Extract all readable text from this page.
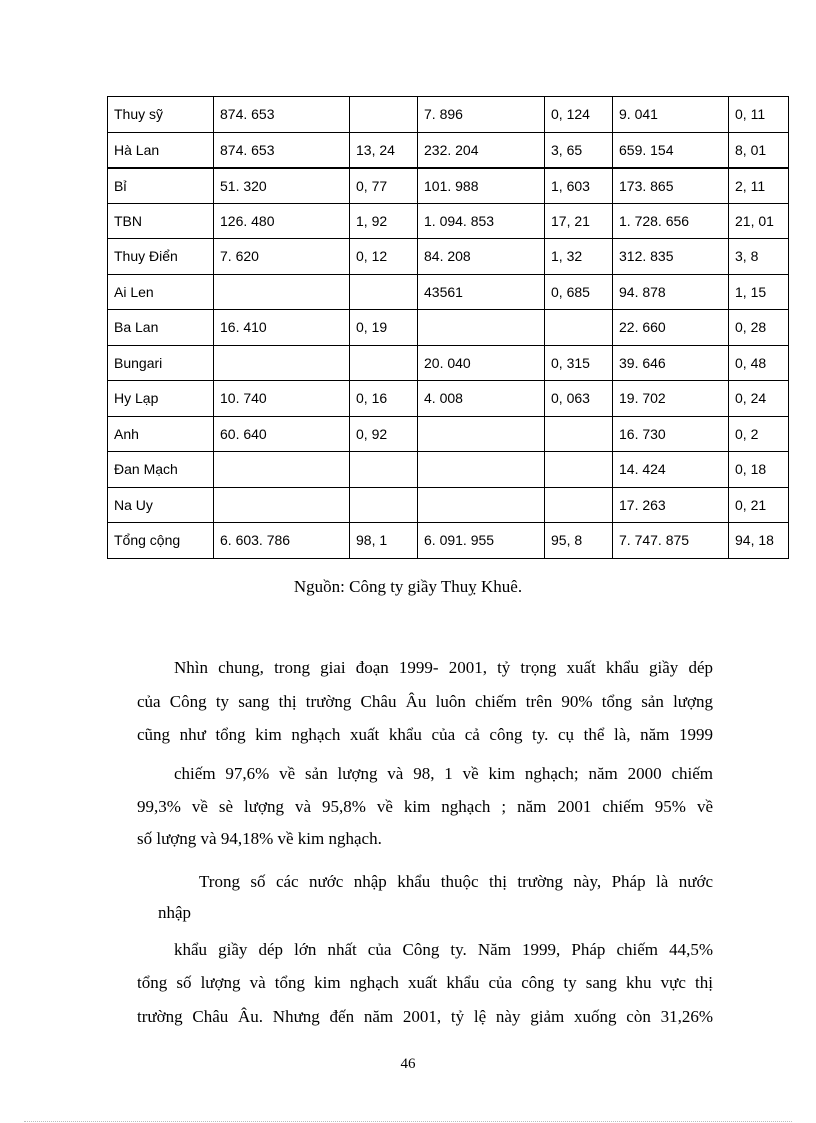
Thuy sỹ	874. 653		7. 896	0, 124	9. 041	0, 11
Hà Lan	874. 653	13, 24	232. 204	3, 65	659. 154	8, 01
Bỉ	51. 320	0, 77	101. 988	1, 603	173. 865	2, 11
TBN	126. 480	1, 92	1. 094. 853	17, 21	1. 728. 656	21, 01
Thuy Điển	7. 620	0, 12	84. 208	1, 32	312. 835	3, 8
Ai Len			43561	0, 685	94. 878	1, 15
Ba Lan	16. 410	0, 19			22. 660	0, 28
Bungari			20. 040	0, 315	39. 646	0, 48
Hy Lạp	10. 740	0, 16	4. 008	0, 063	19. 702	0, 24
Anh	60. 640	0, 92			16. 730	0, 2
Đan Mạch					14. 424	0, 18
Na Uy					17. 263	0, 21
Tổng cộng	6. 603. 786	98, 1	6. 091. 955	95, 8	7. 747. 875	94, 18
Nguồn: Công ty giầy Thuỵ Khuê.
Nhìn chung, trong giai đoạn 1999- 2001, tỷ trọng xuất khẩu giầy dép
của Công ty sang thị trường Châu Âu luôn chiếm trên 90% tổng sản lượng
cũng như tổng kim nghạch xuất khẩu của cả công ty. cụ thể là, năm 1999
chiếm 97,6% về sản lượng và 98, 1 về kim nghạch; năm 2000 chiếm
99,3% về sè lượng và 95,8% về kim nghạch ; năm 2001 chiếm 95% về
số lượng và 94,18% về kim nghạch.
Trong số các nước nhập khẩu thuộc thị trường này, Pháp là nước
nhập
khẩu giầy dép lớn nhất của Công ty. Năm 1999, Pháp chiếm 44,5%
tổng số lượng và tổng kim nghạch xuất khẩu của công ty sang khu vực thị
trường Châu Âu. Nhưng đến năm 2001, tỷ lệ này giảm xuống còn 31,26%
46
